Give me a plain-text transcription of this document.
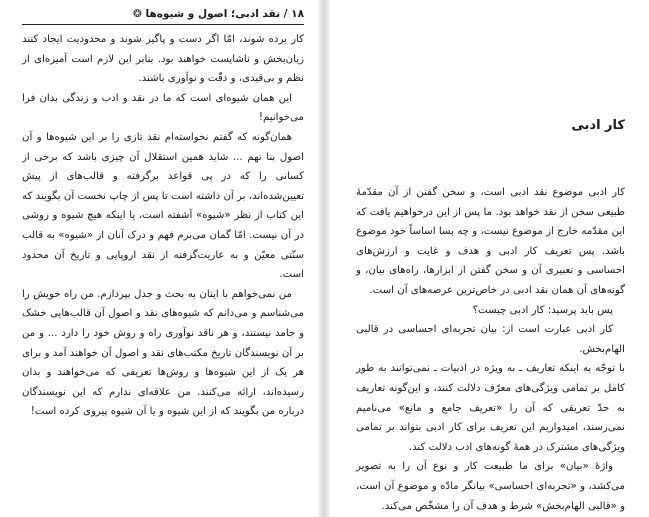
۱۸ / نقد ادبی؛ اصول و شیوه‌ها ❂

کار برده شوند، امّا اگر دست و پاگیر شوند و محدودیت ایجاد کنند زیان‌بخش و ناشایست خواهند بود. بنابر این لازم است آمیزه‌ای از نظم و بی‌قیدی، و دقّت و نوآوری باشند.

این همان شیوه‌ای است که ما در نقد و ادب و زندگی بدان فرا می‌خوانیم!

همان‌گونه که گفتم نخواسته‌ام نقد تازی را بر این شیوه‌ها و آن اصول بنا نهم ... شاید همین استقلال آن چیزی باشد که برخی از کسانی را که در پی قواعد برگرفته و قالب‌های از پیش تعیین‌شده‌اند، بر آن داشته است تا پس از چاپ نخست آن بگویند که این کتاب از نظر «شیوه» آشفته است، یا اینکه هیچ شیوه و روشی در آن نیست. امّا گمان می‌برم فهم و درک آنان از «شیوه» به قالب سنّتی معیّن و به عاریت‌گرفته از نقد اروپایی و تاریخ آن محدود است.

من نمی‌خواهم با اینان به بحث و جدل بپردازم. من راه خویش را می‌شناسم و می‌دانم که شیوه‌های نقد و اصول آن قالب‌هایی خشک و جامد نیستند، و هر ناقد نوآوری راه و روش خود را دارد ... و من بر آن نویسندگان تاریخ مکتب‌های نقد و اصول آن خواهند آمد و برای هر یک از این شیوه‌ها و روش‌ها تعریفی که می‌خواهند و بدان رسیده‌اند، ارائه می‌کنند. من علاقه‌ای ندارم که این نویسندگان درباره من بگویند که از این شیوه و یا آن شیوه پیروی کرده است!

کار ادبی

کار ادبی موضوع نقد ادبی است، و سخن گفتن از آن مقدّمهٔ طبیعی سخن از نقد خواهد بود. ما پس از این درخواهیم یافت که این مقدّمه خارج از موضوع نیست، و چه بسا اساساً خود موضوع باشد. پس تعریف کار ادبی و هدف و غایت و ارزش‌های احساسی و تعبیری آن و سخن گفتن از ابزارها، راه‌های بیان، و گونه‌های آن همان نقد ادبی در خاص‌ترین عرصه‌های آن است.

پس باید پرسید: کار ادبی چیست؟

کار ادبی عبارت است از: بیان تجربه‌ای احساسی در قالبی الهام‌بخش.

با توجّه به اینکه تعاریف ـ به ویژه در ادبیات ـ نمی‌توانند به طور کامل بر تمامی ویژگی‌های معرّف دلالت کنند، و این‌گونه تعاریف به حدّ تعریفی که آن را «تعریف جامع و مانع» می‌نامیم نمی‌رسند، امیدواریم این تعریف برای کار ادبی بتواند بر تمامی ویژگی‌های مشترک در همهٔ گونه‌های ادب دلالت کند.

واژهٔ «بیان» برای ما طبیعت کار و نوع آن را به تصویر می‌کشد، و «تجربه‌ای احساسی» بیانگر مادّه و موضوع آن است، و «قالبی الهام‌بخش» شرط و هدف آن را مشخّص می‌کند.
